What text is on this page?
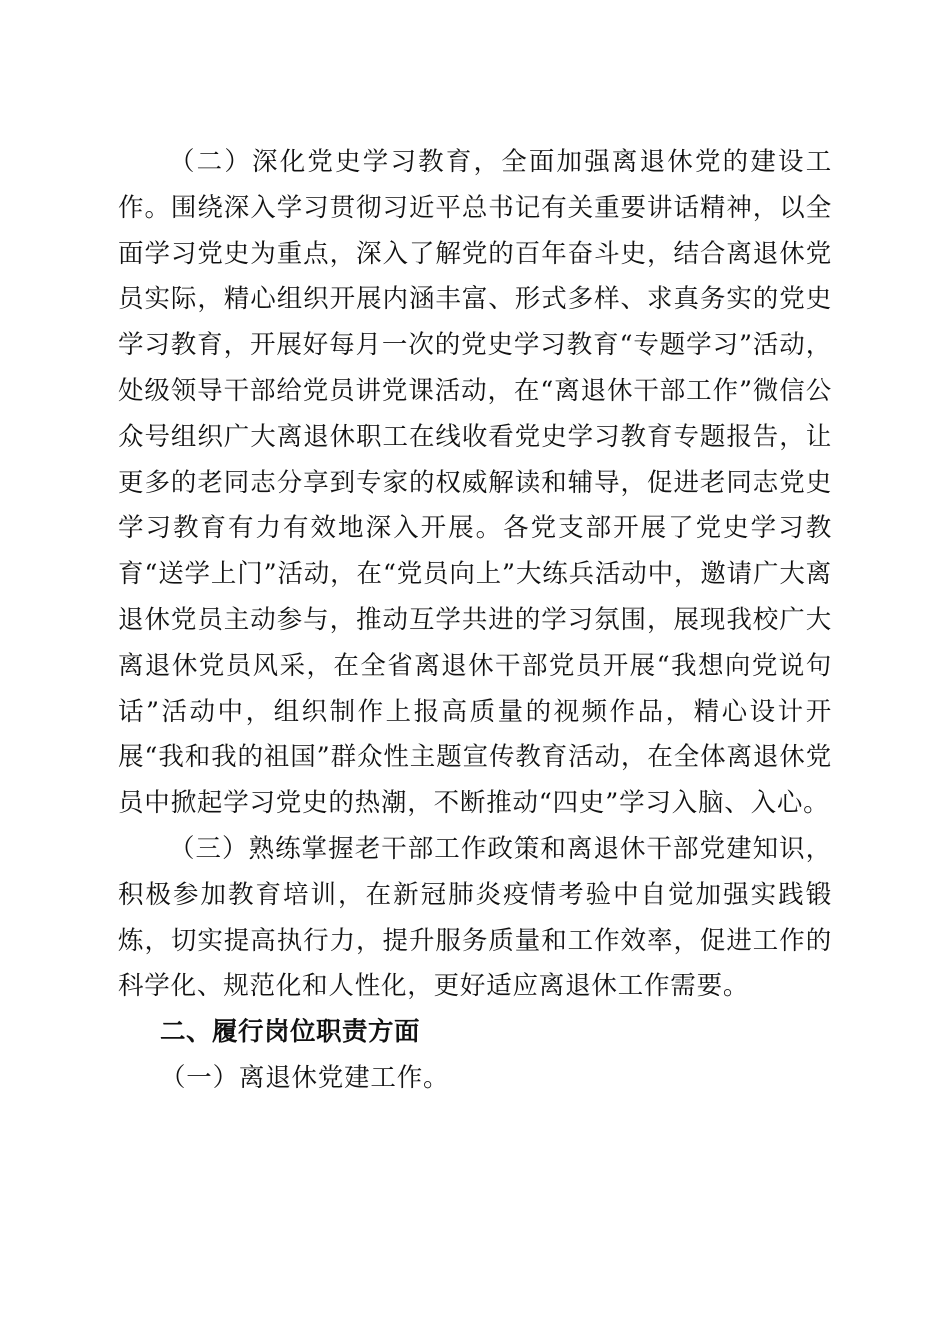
（二）深化党史学习教育，全面加强离退休党的建设工作。围绕深入学习贯彻习近平总书记有关重要讲话精神，以全面学习党史为重点，深入了解党的百年奋斗史，结合离退休党员实际，精心组织开展内涵丰富、形式多样、求真务实的党史学习教育，开展好每月一次的党史学习教育“专题学习”活动，处级领导干部给党员讲党课活动，在“离退休干部工作”微信公众号组织广大离退休职工在线收看党史学习教育专题报告，让更多的老同志分享到专家的权威解读和辅导，促进老同志党史学习教育有力有效地深入开展。各党支部开展了党史学习教育“送学上门”活动，在“党员向上”大练兵活动中，邀请广大离退休党员主动参与，推动互学共进的学习氛围，展现我校广大离退休党员风采，在全省离退休干部党员开展“我想向党说句话”活动中，组织制作上报高质量的视频作品，精心设计开展“我和我的祖国”群众性主题宣传教育活动，在全体离退休党员中掀起学习党史的热潮，不断推动“四史”学习入脑、入心。

（三）熟练掌握老干部工作政策和离退休干部党建知识，积极参加教育培训，在新冠肺炎疫情考验中自觉加强实践锻炼，切实提高执行力，提升服务质量和工作效率，促进工作的科学化、规范化和人性化，更好适应离退休工作需要。

二、履行岗位职责方面

（一）离退休党建工作。
